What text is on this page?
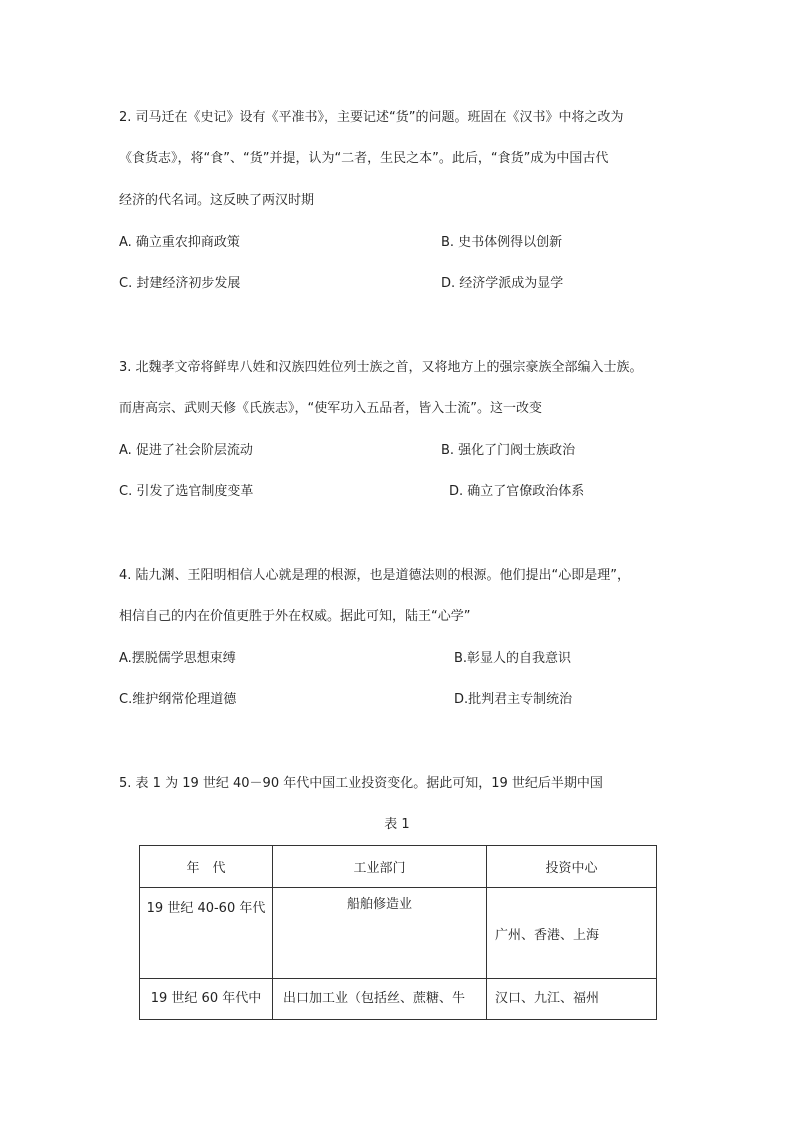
2. 司马迁在《史记》设有《平准书》，主要记述“货”的问题。班固在《汉书》中将之改为
《食货志》，将“食”、“货”并提，认为“二者，生民之本”。此后，“食货”成为中国古代
经济的代名词。这反映了两汉时期
A. 确立重农抑商政策	B. 史书体例得以创新
C. 封建经济初步发展	D. 经济学派成为显学
3. 北魏孝文帝将鲜卑八姓和汉族四姓位列士族之首，又将地方上的强宗豪族全部编入士族。
而唐高宗、武则天修《氏族志》，“使军功入五品者，皆入士流”。这一改变
A. 促进了社会阶层流动	B. 强化了门阀士族政治
C. 引发了选官制度变革	D. 确立了官僚政治体系
4. 陆九渊、王阳明相信人心就是理的根源，也是道德法则的根源。他们提出“心即是理”，
相信自己的内在价值更胜于外在权威。据此可知，陆王“心学”
A.摆脱儒学思想束缚	B.彰显人的自我意识
C.维护纲常伦理道德	D.批判君主专制统治
5. 表 1 为 19 世纪 40－90 年代中国工业投资变化。据此可知，19 世纪后半期中国
表 1
年　代	工业部门	投资中心
19 世纪 40-60 年代	船舶修造业	广州、香港、上海
19 世纪 60 年代中	出口加工业（包括丝、蔗糖、牛	汉口、九江、福州
